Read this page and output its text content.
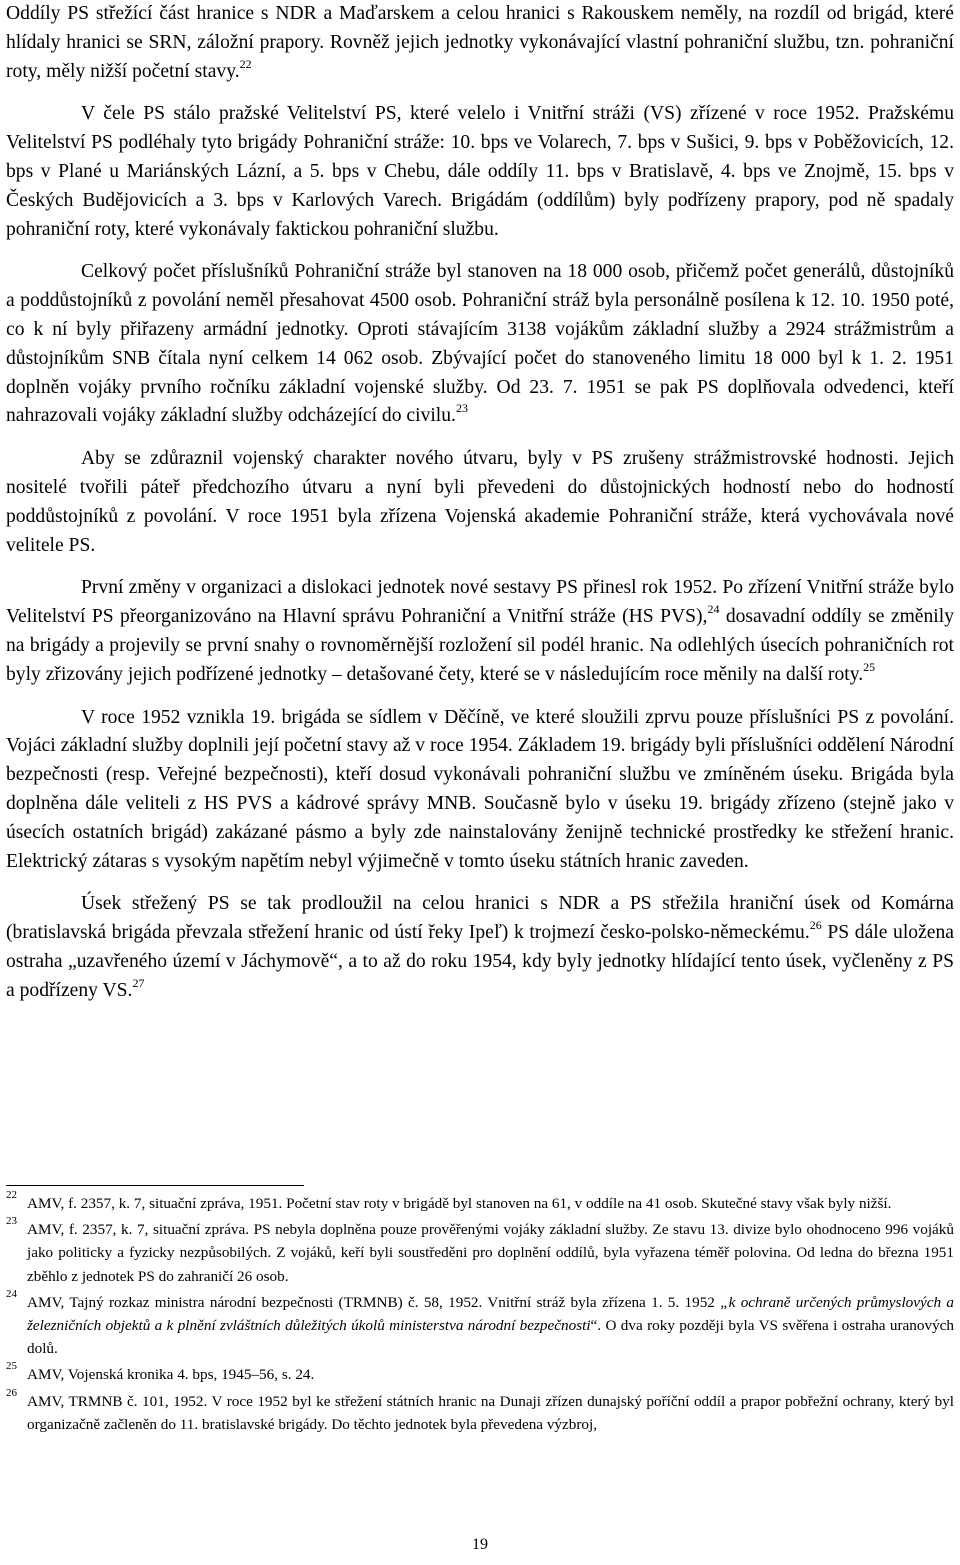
Oddíly PS střežící část hranice s NDR a Maďarskem a celou hranici s Rakouskem neměly, na rozdíl od brigád, které hlídaly hranici se SRN, záložní prapory. Rovněž jejich jednotky vykonávající vlastní pohraniční službu, tzn. pohraniční roty, měly nižší početní stavy.$^{22}$

V čele PS stálo pražské Velitelství PS, které velelo i Vnitřní stráži (VS) zřízené v roce 1952. Pražskému Velitelství PS podléhaly tyto brigády Pohraniční stráže: 10. bps ve Volarech, 7. bps v Sušici, 9. bps v Poběžovicích, 12. bps v Plané u Mariánských Lázní, a 5. bps v Chebu, dále oddíly 11. bps v Bratislavě, 4. bps ve Znojmě, 15. bps v Českých Budějovicích a 3. bps v Karlových Varech. Brigádám (oddílům) byly podřízeny prapory, pod ně spadaly pohraniční roty, které vykonávaly faktickou pohraniční službu.

Celkový počet příslušníků Pohraniční stráže byl stanoven na 18 000 osob, přičemž počet generálů, důstojníků a poddůstojníků z povolání neměl přesahovat 4500 osob. Pohraniční stráž byla personálně posílena k 12. 10. 1950 poté, co k ní byly přiřazeny armádní jednotky. Oproti stávajícím 3138 vojákům základní služby a 2924 strážmistrům a důstojníkům SNB čítala nyní celkem 14 062 osob. Zbývající počet do stanoveného limitu 18 000 byl k 1. 2. 1951 doplněn vojáky prvního ročníku základní vojenské služby. Od 23. 7. 1951 se pak PS doplňovala odvedenci, kteří nahrazovali vojáky základní služby odcházející do civilu.$^{23}$

Aby se zdůraznil vojenský charakter nového útvaru, byly v PS zrušeny strážmistrovské hodnosti. Jejich nositelé tvořili páteř předchozího útvaru a nyní byli převedeni do důstojnických hodností nebo do hodností poddůstojníků z povolání. V roce 1951 byla zřízena Vojenská akademie Pohraniční stráže, která vychovávala nové velitele PS.

První změny v organizaci a dislokaci jednotek nové sestavy PS přinesl rok 1952. Po zřízení Vnitřní stráže bylo Velitelství PS přeorganizováno na Hlavní správu Pohraniční a Vnitřní stráže (HS PVS),$^{24}$ dosavadní oddíly se změnily na brigády a projevily se první snahy o rovnoměrnější rozložení sil podél hranic. Na odlehlých úsecích pohraničních rot byly zřizovány jejich podřízené jednotky – detašované čety, které se v následujícím roce měnily na další roty.$^{25}$

V roce 1952 vznikla 19. brigáda se sídlem v Děčíně, ve které sloužili zprvu pouze příslušníci PS z povolání. Vojáci základní služby doplnili její početní stavy až v roce 1954. Základem 19. brigády byli příslušníci oddělení Národní bezpečnosti (resp. Veřejné bezpečnosti), kteří dosud vykonávali pohraniční službu ve zmíněném úseku. Brigáda byla doplněna dále veliteli z HS PVS a kádrové správy MNB. Současně bylo v úseku 19. brigády zřízeno (stejně jako v úsecích ostatních brigád) zakázané pásmo a byly zde nainstalovány ženijně technické prostředky ke střežení hranic. Elektrický zátaras s vysokým napětím nebyl výjimečně v tomto úseku státních hranic zaveden.

Úsek střežený PS se tak prodloužil na celou hranici s NDR a PS střežila hraniční úsek od Komárna (bratislavská brigáda převzala střežení hranic od ústí řeky Ipeľ) k trojmezí česko-polsko-německému.$^{26}$ PS dále uložena ostraha „uzavřeného území v Jáchymově“, a to až do roku 1954, kdy byly jednotky hlídající tento úsek, vyčleněny z PS a podřízeny VS.$^{27}$

22 AMV, f. 2357, k. 7, situační zpráva, 1951. Početní stav roty v brigádě byl stanoven na 61, v oddíle na 41 osob. Skutečné stavy však byly nižší.
23 AMV, f. 2357, k. 7, situační zpráva. PS nebyla doplněna pouze prověřenými vojáky základní služby. Ze stavu 13. divize bylo ohodnoceno 996 vojáků jako politicky a fyzicky nezpůsobilých. Z vojáků, keří byli soustředěni pro doplnění oddílů, byla vyřazena téměř polovina. Od ledna do března 1951 zběhlo z jednotek PS do zahraničí 26 osob.
24 AMV, Tajný rozkaz ministra národní bezpečnosti (TRMNB) č. 58, 1952. Vnitřní stráž byla zřízena 1. 5. 1952 „k ochraně určených průmyslových a železničních objektů a k plnění zvláštních důležitých úkolů ministerstva národní bezpečnosti“. O dva roky později byla VS svěřena i ostraha uranových dolů.
25 AMV, Vojenská kronika 4. bps, 1945–56, s. 24.
26 AMV, TRMNB č. 101, 1952. V roce 1952 byl ke střežení státních hranic na Dunaji zřízen dunajský poříční oddíl a prapor pobřežní ochrany, který byl organizačně začleněn do 11. bratislavské brigády. Do těchto jednotek byla převedena výzbroj,
19
